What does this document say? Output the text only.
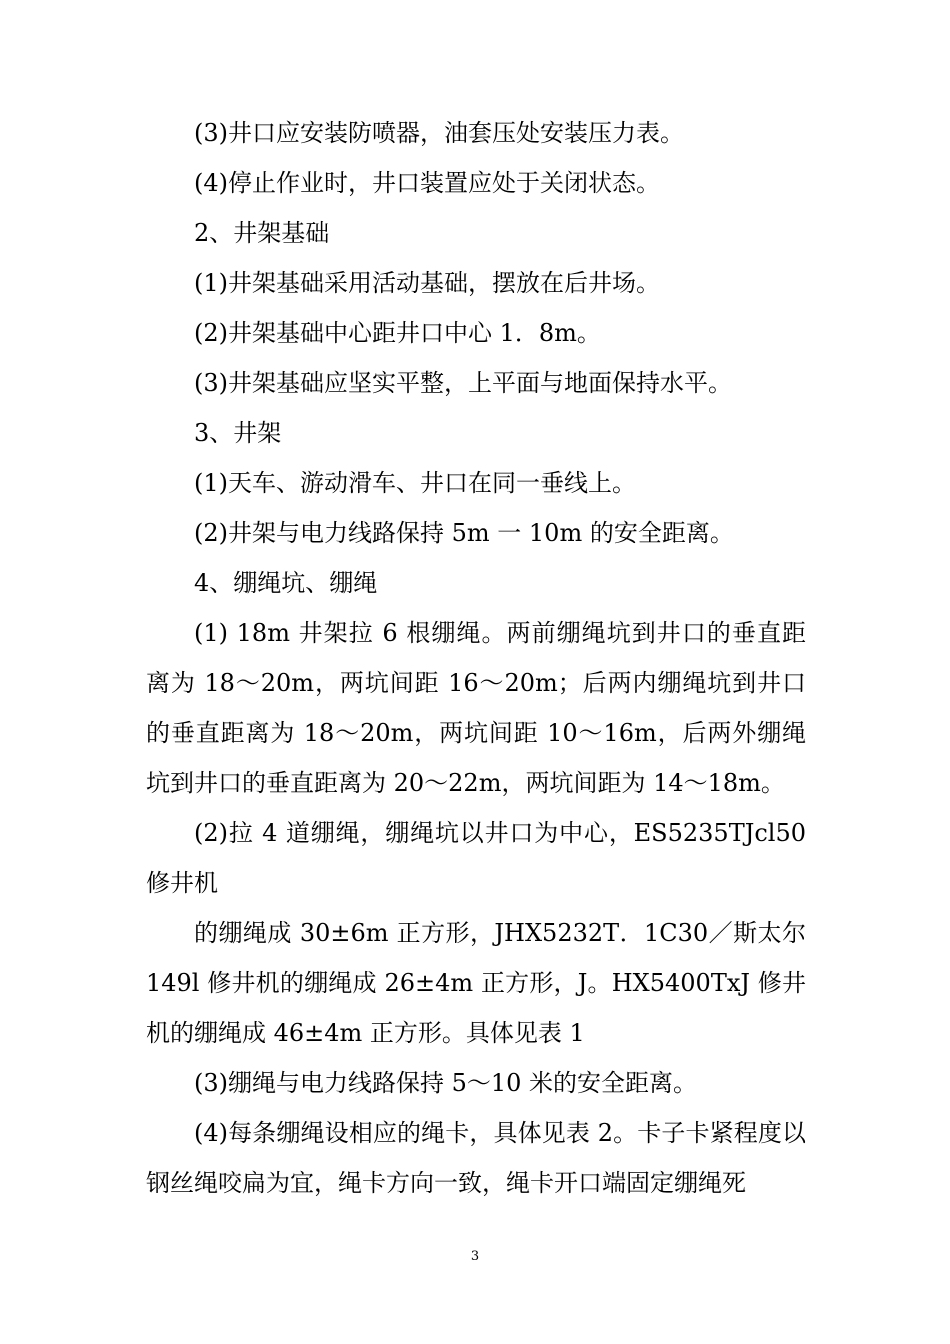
(3)井口应安装防喷器，油套压处安装压力表。

(4)停止作业时，井口装置应处于关闭状态。

2、井架基础

(1)井架基础采用活动基础，摆放在后井场。

(2)井架基础中心距井口中心 1．8m。

(3)井架基础应坚实平整，上平面与地面保持水平。

3、井架

(1)天车、游动滑车、井口在同一垂线上。

(2)井架与电力线路保持 5m 一 10m 的安全距离。

4、绷绳坑、绷绳

(1) 18m 井架拉 6 根绷绳。两前绷绳坑到井口的垂直距离为 18～20m，两坑间距 16～20m；后两内绷绳坑到井口的垂直距离为 18～20m，两坑间距 10～16m，后两外绷绳坑到井口的垂直距离为 20～22m，两坑间距为 14～18m。

(2)拉 4 道绷绳，绷绳坑以井口为中心，ES5235TJcl50 修井机

的绷绳成 30±6m 正方形，JHX5232T．1C30／斯太尔 149l 修井机的绷绳成 26±4m 正方形，J。HX5400TxJ 修井机的绷绳成 46±4m 正方形。具体见表 1

(3)绷绳与电力线路保持 5～10 米的安全距离。

(4)每条绷绳设相应的绳卡，具体见表 2。卡子卡紧程度以钢丝绳咬扁为宜，绳卡方向一致，绳卡开口端固定绷绳死

3
